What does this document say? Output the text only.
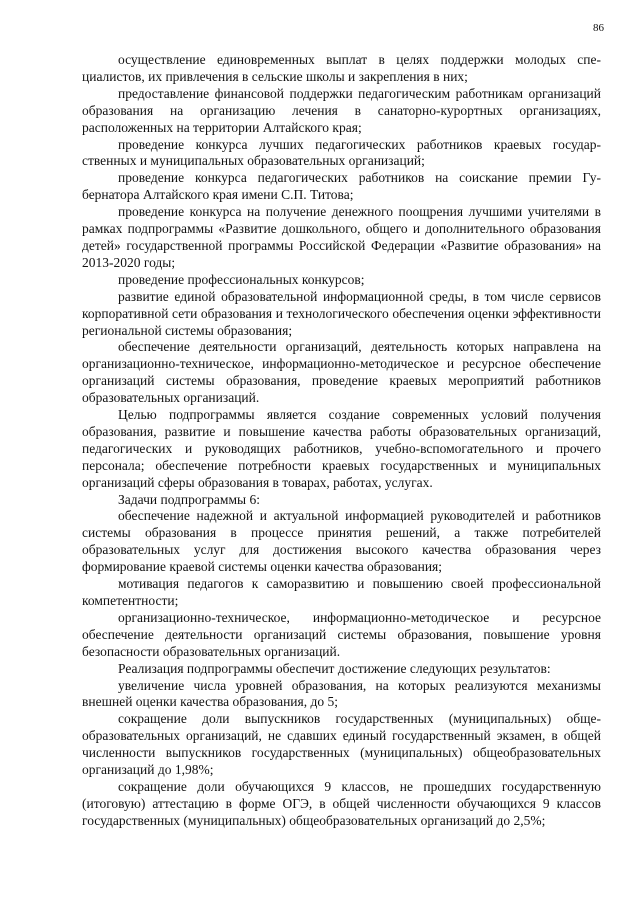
86

осуществление единовременных выплат в целях поддержки молодых специалистов, их привлечения в сельские школы и закрепления в них;

предоставление финансовой поддержки педагогическим работникам организаций образования на организацию лечения в санаторно-курортных организациях, расположенных на территории Алтайского края;

проведение конкурса лучших педагогических работников краевых государственных и муниципальных образовательных организаций;

проведение конкурса педагогических работников на соискание премии Губернатора Алтайского края имени С.П. Титова;

проведение конкурса на получение денежного поощрения лучшими учителями в рамках подпрограммы «Развитие дошкольного, общего и дополнительного образования детей» государственной программы Российской Федерации «Развитие образования» на 2013-2020 годы;

проведение профессиональных конкурсов;

развитие единой образовательной информационной среды, в том числе сервисов корпоративной сети образования и технологического обеспечения оценки эффективности региональной системы образования;

обеспечение деятельности организаций, деятельность которых направлена на организационно-техническое, информационно-методическое и ресурсное обеспечение организаций системы образования, проведение краевых мероприятий работников образовательных организаций.

Целью подпрограммы является создание современных условий получения образования, развитие и повышение качества работы образовательных организаций, педагогических и руководящих работников, учебно-вспомогательного и прочего персонала; обеспечение потребности краевых государственных и муниципальных организаций сферы образования в товарах, работах, услугах.

Задачи подпрограммы 6:

обеспечение надежной и актуальной информацией руководителей и работников системы образования в процессе принятия решений, а также потребителей образовательных услуг для достижения высокого качества образования через формирование краевой системы оценки качества образования;

мотивация педагогов к саморазвитию и повышению своей профессиональной компетентности;

организационно-техническое, информационно-методическое и ресурсное обеспечение деятельности организаций системы образования, повышение уровня безопасности образовательных организаций.

Реализация подпрограммы обеспечит достижение следующих результатов:

увеличение числа уровней образования, на которых реализуются механизмы внешней оценки качества образования, до 5;

сокращение доли выпускников государственных (муниципальных) общеобразовательных организаций, не сдавших единый государственный экзамен, в общей численности выпускников государственных (муниципальных) общеобразовательных организаций до 1,98%;

сокращение доли обучающихся 9 классов, не прошедших государственную (итоговую) аттестацию в форме ОГЭ, в общей численности обучающихся 9 классов государственных (муниципальных) общеобразовательных организаций до 2,5%;
